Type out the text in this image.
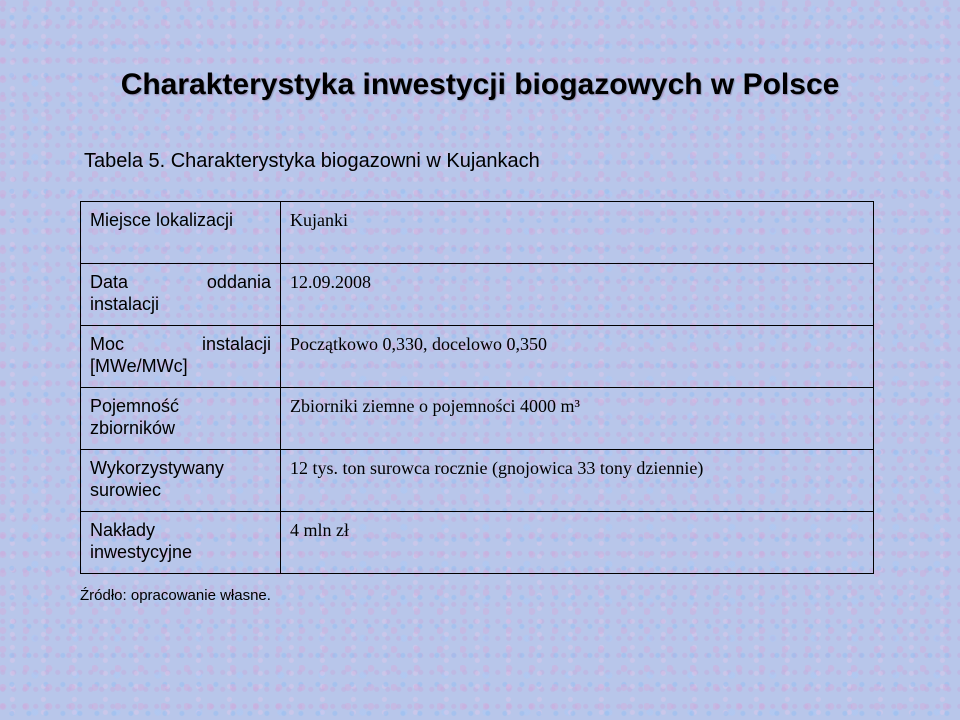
Charakterystyka inwestycji biogazowych w Polsce

Tabela 5. Charakterystyka biogazowni w Kujankach

Miejsce lokalizacji	Kujanki

Data oddania
instalacji	12.09.2008

Moc instalacji
[MWe/MWc]	Początkowo 0,330, docelowo 0,350

Pojemność
zbiorników	Zbiorniki ziemne o pojemności 4000 m³

Wykorzystywany
surowiec	12 tys. ton surowca rocznie (gnojowica 33 tony dziennie)

Nakłady
inwestycyjne	4 mln zł

Źródło: opracowanie własne.
